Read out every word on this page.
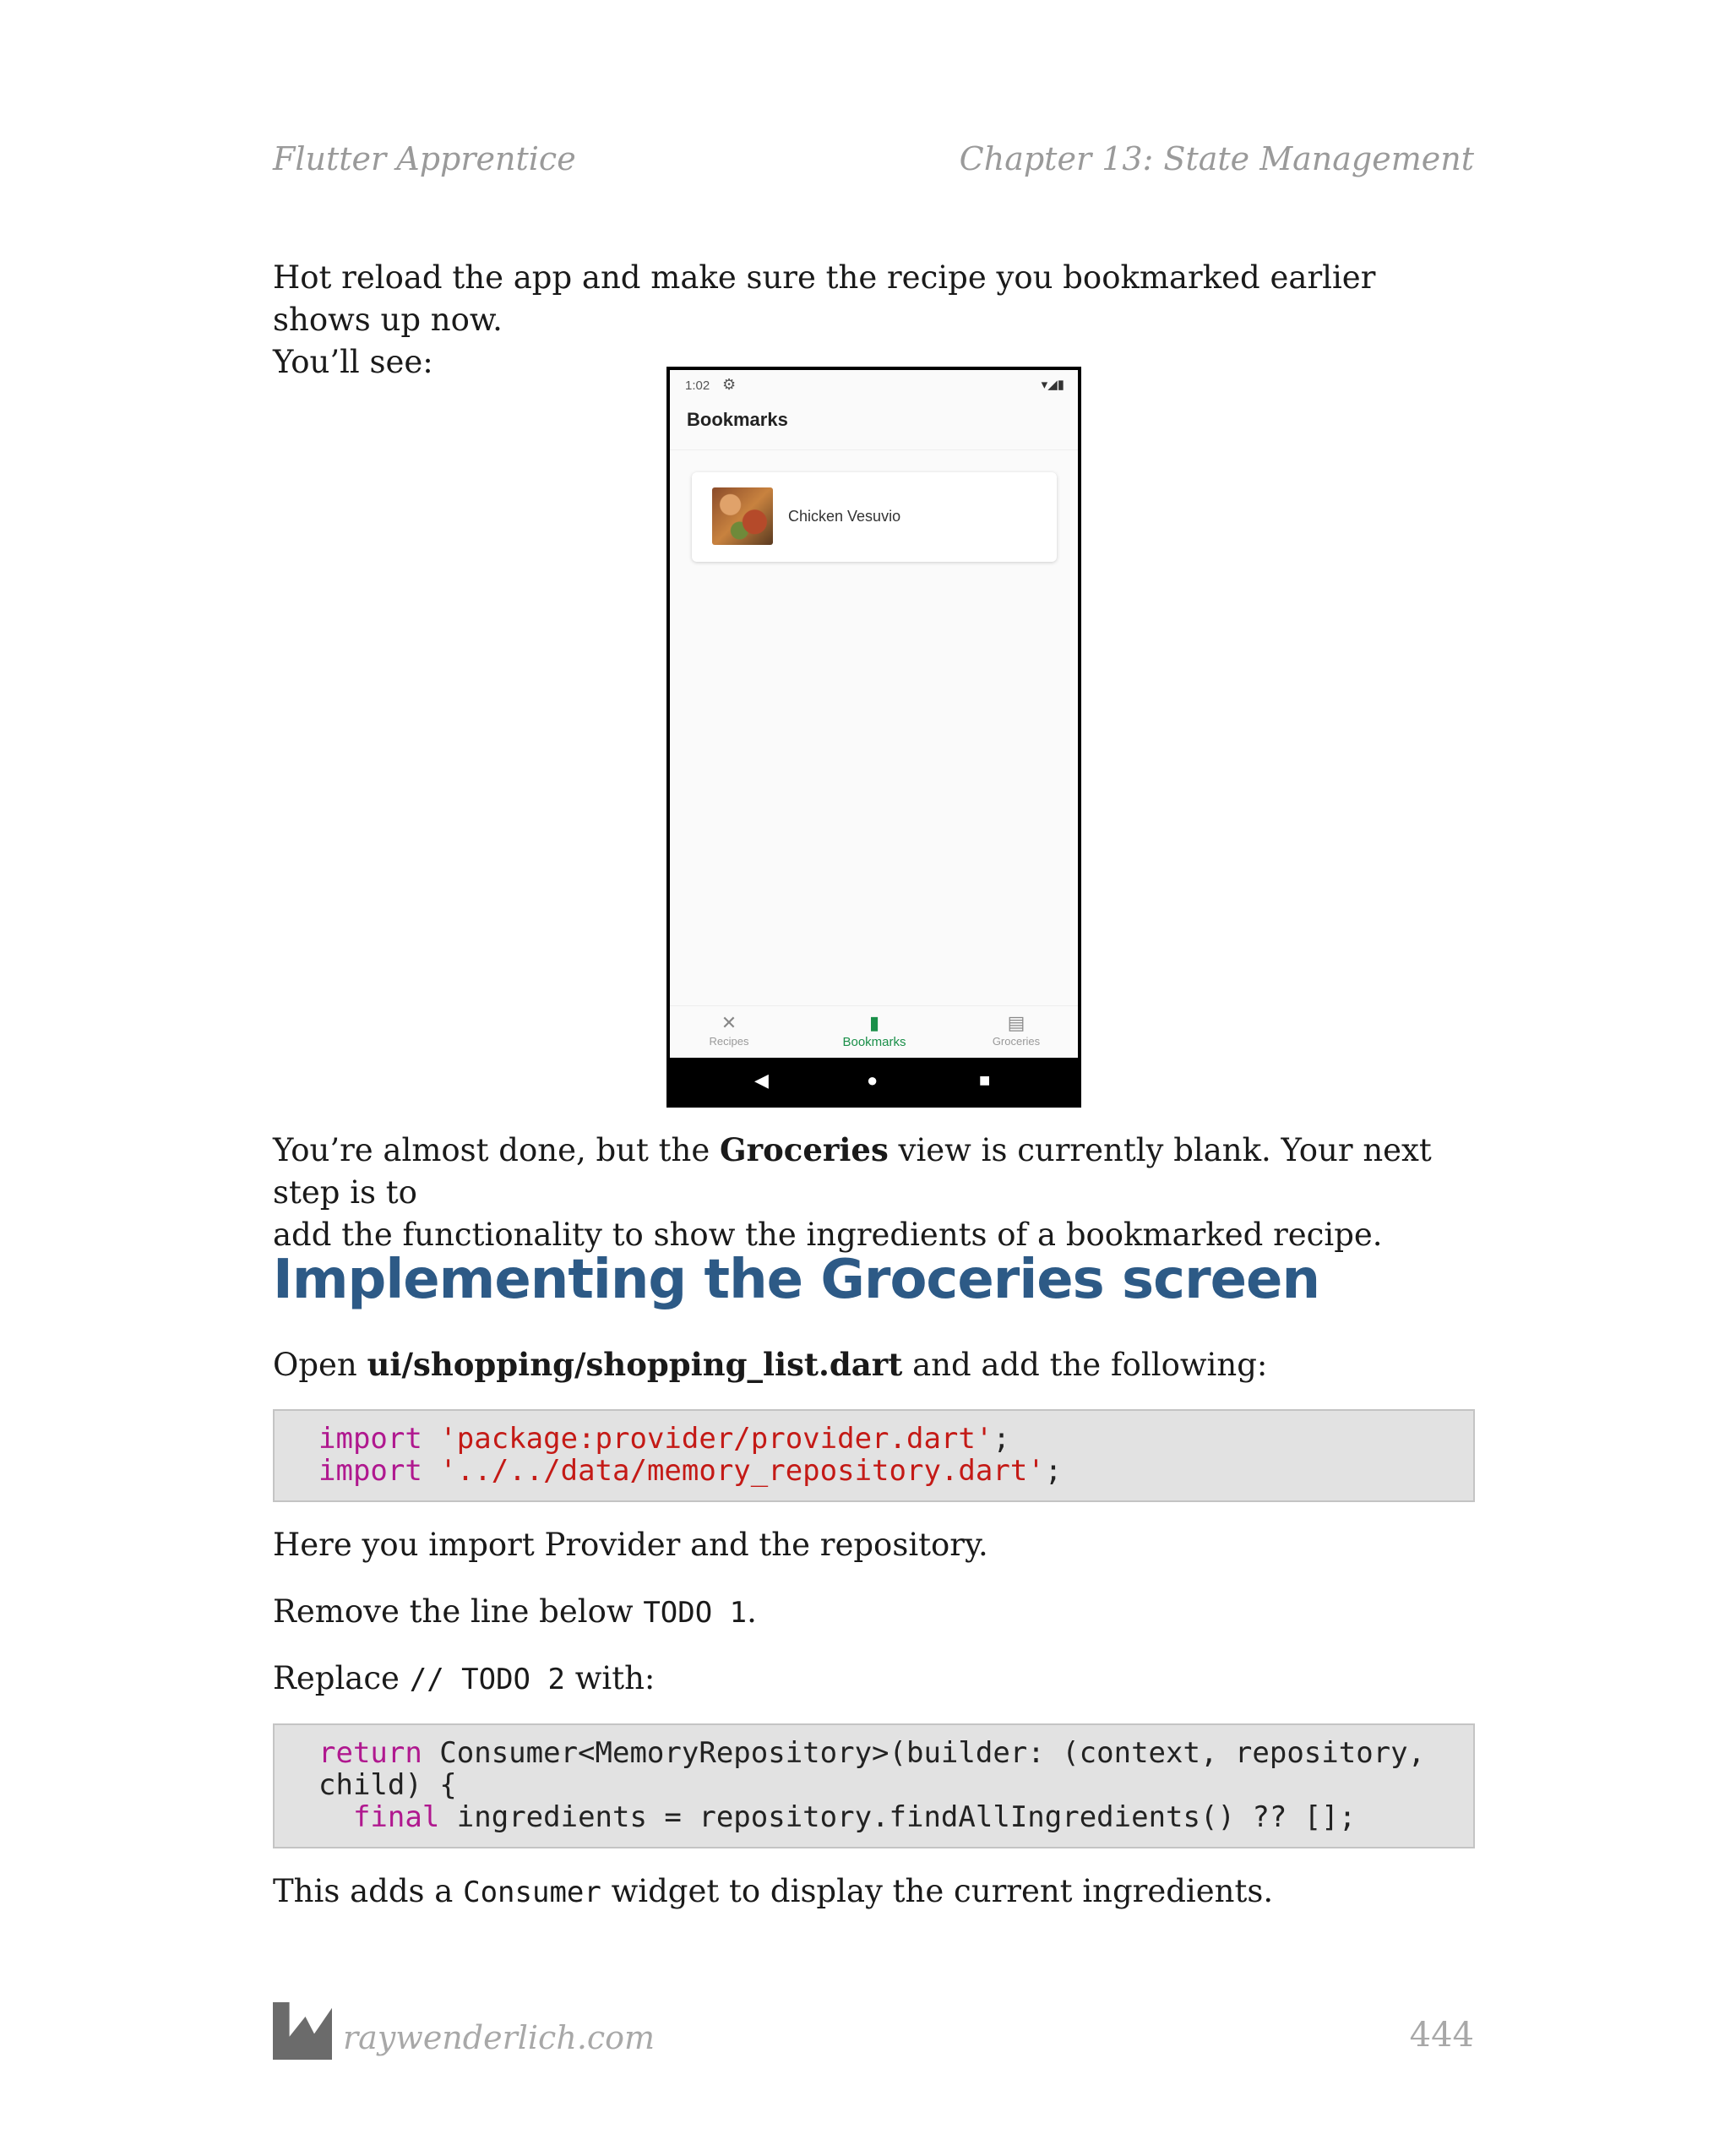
Flutter Apprentice	Chapter 13: State Management
Hot reload the app and make sure the recipe you bookmarked earlier shows up now.
You’ll see:
1:02 ⚙	▾◢▮
Bookmarks
Chicken Vesuvio
✕
Recipes
▮
Bookmarks
▤
Groceries
◀	●	■
You’re almost done, but the Groceries view is currently blank. Your next step is to
add the functionality to show the ingredients of a bookmarked recipe.
Implementing the Groceries screen
Open ui/shopping/shopping_list.dart and add the following:
import 'package:provider/provider.dart';
import '../../data/memory_repository.dart';
Here you import Provider and the repository.
Remove the line below TODO 1.
Replace // TODO 2 with:
return Consumer<MemoryRepository>(builder: (context, repository,
child) {
final ingredients = repository.findAllIngredients() ?? [];
This adds a Consumer widget to display the current ingredients.
raywenderlich.com	444
